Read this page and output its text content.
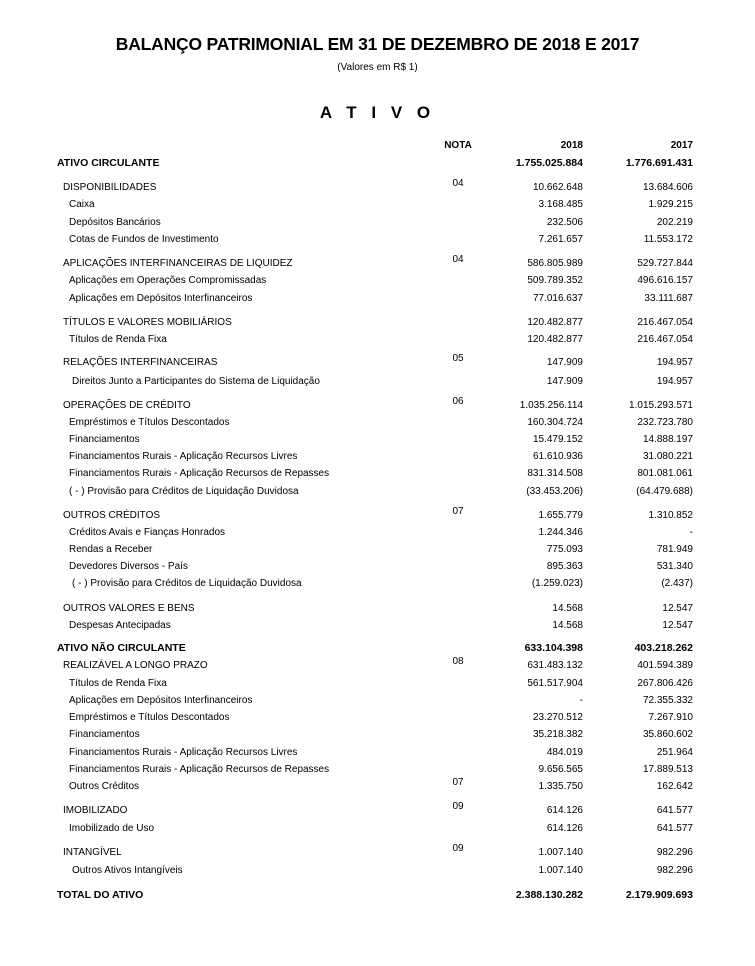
BALANÇO PATRIMONIAL EM 31 DE DEZEMBRO DE 2018 E 2017
(Valores em R$ 1)
A T I V O
NOTA	2018	2017
ATIVO CIRCULANTE	1.755.025.884	1.776.691.431
DISPONIBILIDADES	04	10.662.648	13.684.606
Caixa	3.168.485	1.929.215
Depósitos Bancários	232.506	202.219
Cotas de Fundos de Investimento	7.261.657	11.553.172
APLICAÇÕES INTERFINANCEIRAS DE LIQUIDEZ	04	586.805.989	529.727.844
Aplicações em Operações Compromissadas	509.789.352	496.616.157
Aplicações em Depósitos Interfinanceiros	77.016.637	33.111.687
TÍTULOS E VALORES MOBILIÁRIOS	120.482.877	216.467.054
Títulos de Renda Fixa	120.482.877	216.467.054
RELAÇÕES INTERFINANCEIRAS	05	147.909	194.957
Direitos Junto a Participantes do Sistema de Liquidação	147.909	194.957
OPERAÇÕES DE CRÉDITO	06	1.035.256.114	1.015.293.571
Empréstimos e Títulos Descontados	160.304.724	232.723.780
Financiamentos	15.479.152	14.888.197
Financiamentos Rurais - Aplicação Recursos Livres	61.610.936	31.080.221
Financiamentos Rurais - Aplicação Recursos de Repasses	831.314.508	801.081.061
( - ) Provisão para Créditos de Liquidação Duvidosa	(33.453.206)	(64.479.688)
OUTROS CRÉDITOS	07	1.655.779	1.310.852
Créditos Avais e Fianças Honrados	1.244.346	-
Rendas a Receber	775.093	781.949
Devedores Diversos - País	895.363	531.340
( - ) Provisão para Créditos de Liquidação Duvidosa	(1.259.023)	(2.437)
OUTROS VALORES E BENS	14.568	12.547
Despesas Antecipadas	14.568	12.547
ATIVO NÃO CIRCULANTE	633.104.398	403.218.262
REALIZÁVEL A LONGO PRAZO	08	631.483.132	401.594.389
Títulos de Renda Fixa	561.517.904	267.806.426
Aplicações em Depósitos Interfinanceiros	-	72.355.332
Empréstimos e Títulos Descontados	23.270.512	7.267.910
Financiamentos	35.218.382	35.860.602
Financiamentos Rurais - Aplicação Recursos Livres	484.019	251.964
Financiamentos Rurais - Aplicação Recursos de Repasses	9.656.565	17.889.513
Outros Créditos	07	1.335.750	162.642
IMOBILIZADO	09	614.126	641.577
Imobilizado de Uso	614.126	641.577
INTANGÍVEL	09	1.007.140	982.296
Outros Ativos Intangíveis	1.007.140	982.296
TOTAL DO ATIVO	2.388.130.282	2.179.909.693
